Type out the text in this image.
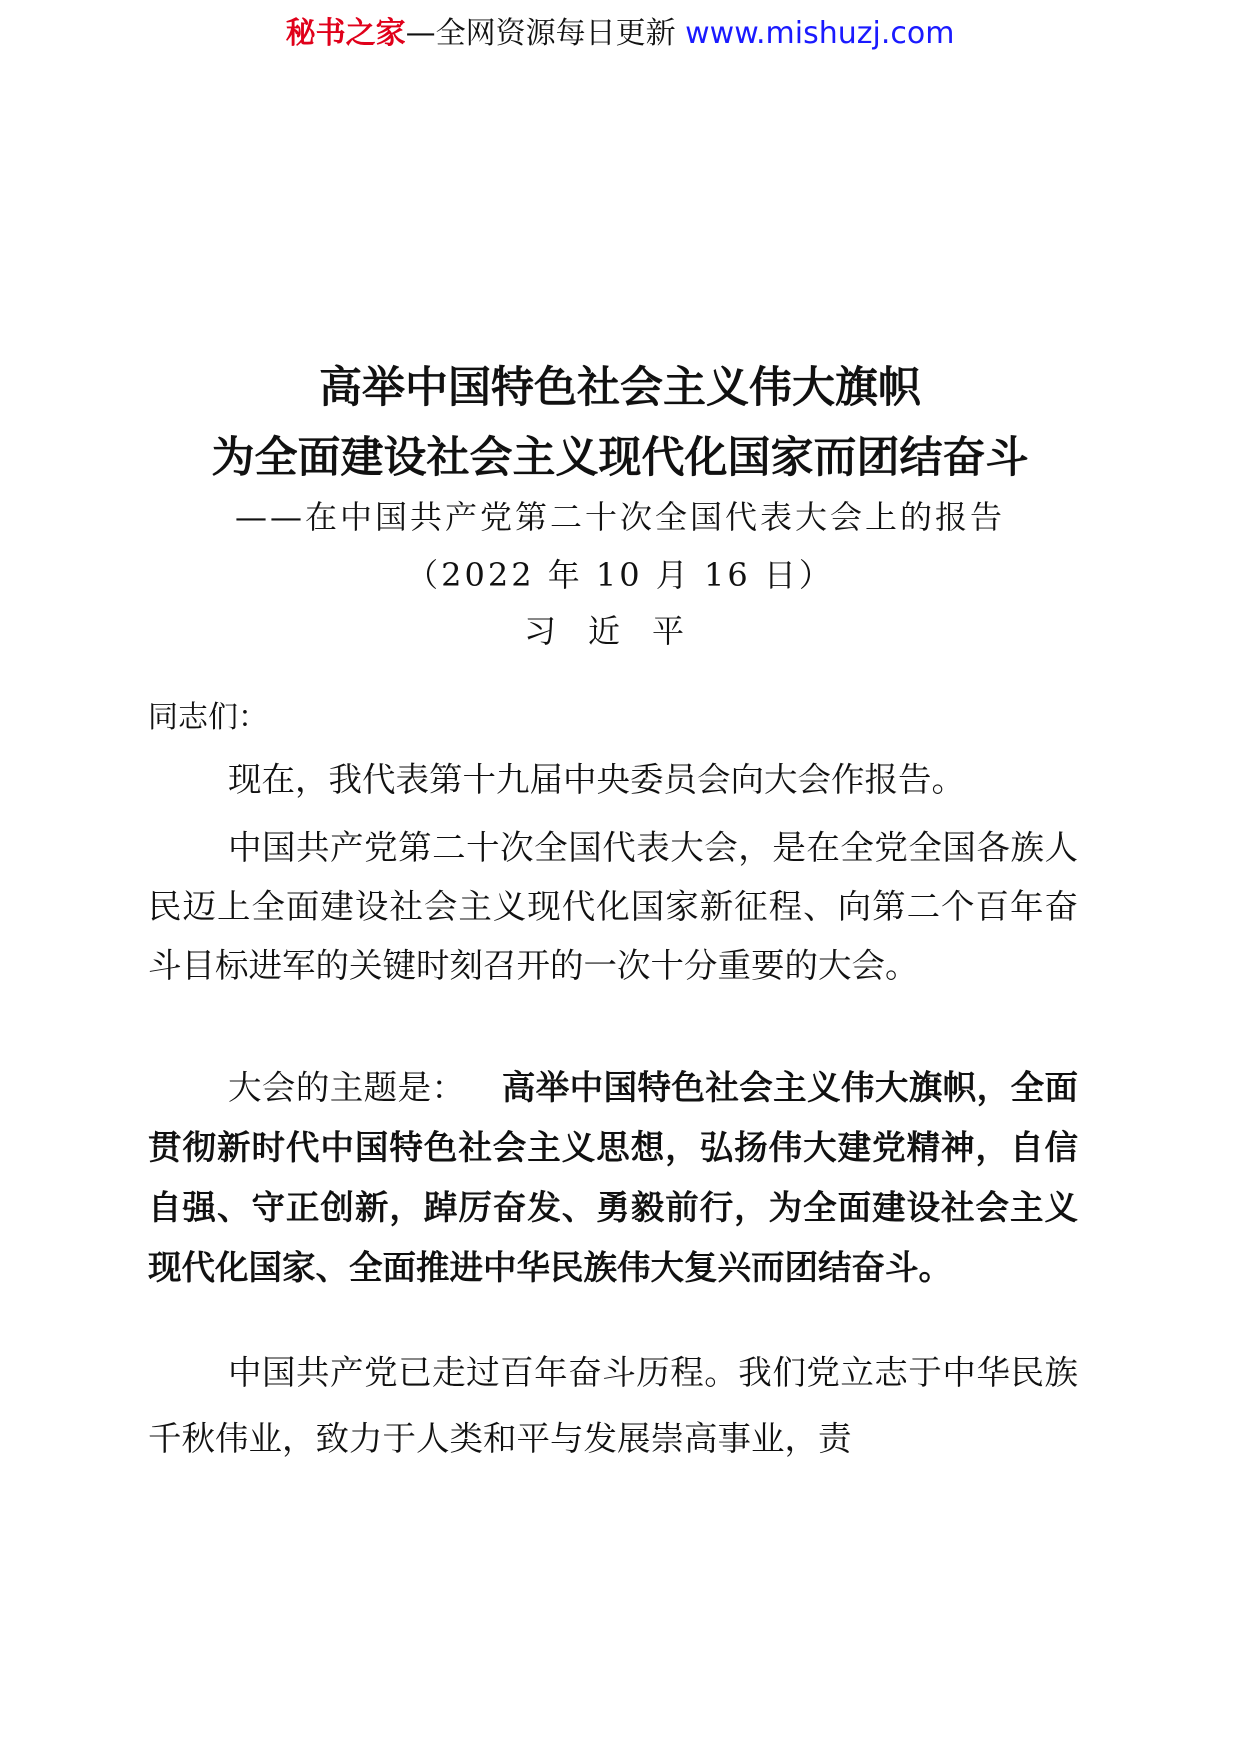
秘书之家—全网资源每日更新 www.mishuzj.com
高举中国特色社会主义伟大旗帜
为全面建设社会主义现代化国家而团结奋斗
——在中国共产党第二十次全国代表大会上的报告
（2022 年 10 月 16 日）
习近平
同志们：

现在，我代表第十九届中央委员会向大会作报告。

中国共产党第二十次全国代表大会，是在全党全国各族人民迈上全面建设社会主义现代化国家新征程、向第二个百年奋斗目标进军的关键时刻召开的一次十分重要的大会。

大会的主题是： 高举中国特色社会主义伟大旗帜，全面贯彻新时代中国特色社会主义思想，弘扬伟大建党精神，自信自强、守正创新，踔厉奋发、勇毅前行，为全面建设社会主义现代化国家、全面推进中华民族伟大复兴而团结奋斗。

中国共产党已走过百年奋斗历程。我们党立志于中华民族千秋伟业，致力于人类和平与发展崇高事业，责
